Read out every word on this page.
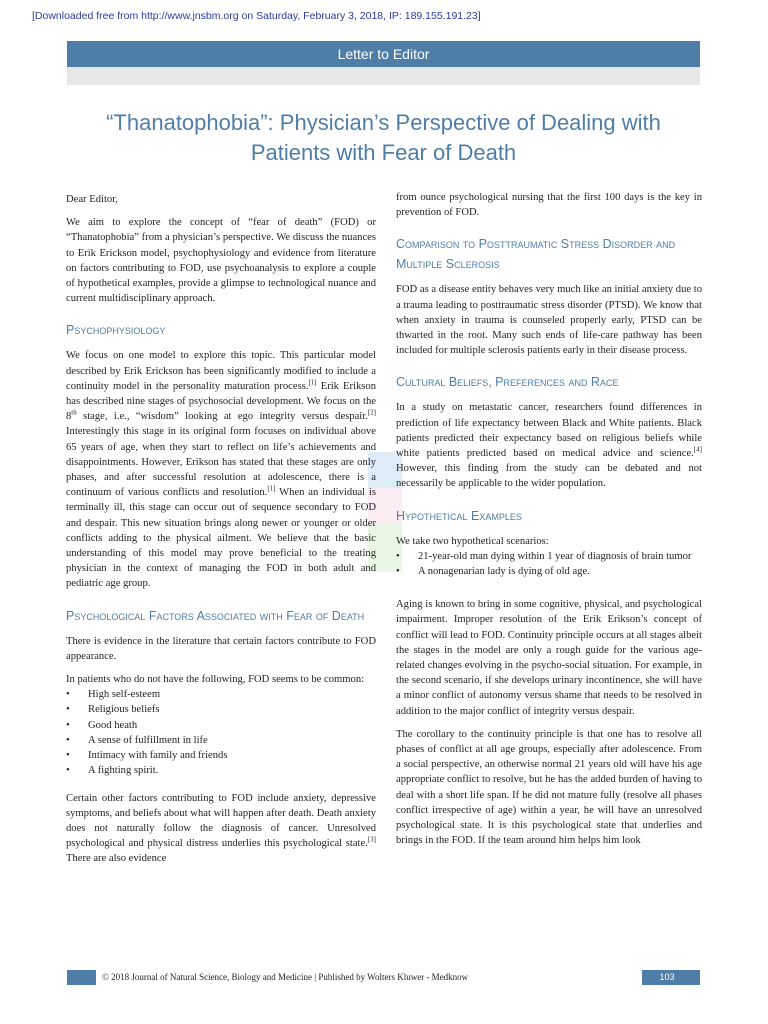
[Downloaded free from http://www.jnsbm.org on Saturday, February 3, 2018, IP: 189.155.191.23]
Letter to Editor
“Thanatophobia”: Physician’s Perspective of Dealing with Patients with Fear of Death

Dear Editor,

We aim to explore the concept of “fear of death” (FOD) or “Thanatophobia” from a physician’s perspective. We discuss the nuances to Erik Erickson model, psychophysiology and evidence from literature on factors contributing to FOD, use psychoanalysis to explore a couple of hypothetical examples, provide a glimpse to technological nuance and current multidisciplinary approach.

Psychophysiology

We focus on one model to explore this topic. This particular model described by Erik Erickson has been significantly modified to include a continuity model in the personality maturation process.[1] Erik Erikson has described nine stages of psychosocial development. We focus on the 8th stage, i.e., “wisdom” looking at ego integrity versus despair.[2] Interestingly this stage in its original form focuses on individual above 65 years of age, when they start to reflect on life’s achievements and disappointments. However, Erikson has stated that these stages are only phases, and after successful resolution at adolescence, there is a continuum of various conflicts and resolution.[1] When an individual is terminally ill, this stage can occur out of sequence secondary to FOD and despair. This new situation brings along newer or younger or older conflicts adding to the physical ailment. We believe that the basic understanding of this model may prove beneficial to the treating physician in the context of managing the FOD in both adult and pediatric age group.

Psychological Factors Associated with Fear of Death

There is evidence in the literature that certain factors contribute to FOD appearance.

In patients who do not have the following, FOD seems to be common:

• High self-esteem
• Religious beliefs
• Good heath
• A sense of fulfillment in life
• Intimacy with family and friends
• A fighting spirit.

Certain other factors contributing to FOD include anxiety, depressive symptoms, and beliefs about what will happen after death. Death anxiety does not naturally follow the diagnosis of cancer. Unresolved psychological and physical distress underlies this psychological state.[3] There are also evidence

from ounce psychological nursing that the first 100 days is the key in prevention of FOD.

Comparison to Posttraumatic Stress Disorder and Multiple Sclerosis

FOD as a disease entity behaves very much like an initial anxiety due to a trauma leading to posttraumatic stress disorder (PTSD). We know that when anxiety in trauma is counseled properly early, PTSD can be thwarted in the root. Many such ends of life-care pathway has been included for multiple sclerosis patients early in their disease process.

Cultural Beliefs, Preferences and Race

In a study on metastatic cancer, researchers found differences in prediction of life expectancy between Black and White patients. Black patients predicted their expectancy based on religious beliefs while white patients predicted based on medical advice and science.[4] However, this finding from the study can be debated and not necessarily be applicable to the wider population.

Hypothetical Examples

We take two hypothetical scenarios:

• 21-year-old man dying within 1 year of diagnosis of brain tumor
• A nonagenarian lady is dying of old age.

Aging is known to bring in some cognitive, physical, and psychological impairment. Improper resolution of the Erik Erikson’s concept of conflict will lead to FOD. Continuity principle occurs at all stages albeit the stages in the model are only a rough guide for the various age-related changes evolving in the psycho-social situation. For example, in the second scenario, if she develops urinary incontinence, she will have a minor conflict of autonomy versus shame that needs to be resolved in addition to the major conflict of integrity versus despair.

The corollary to the continuity principle is that one has to resolve all phases of conflict at all age groups, especially after adolescence. From a social perspective, an otherwise normal 21 years old will have his age appropriate conflict to resolve, but he has the added burden of having to deal with a short life span. If he did not mature fully (resolve all phases conflict irrespective of age) within a year, he will have an unresolved psychological state. It is this psychological state that underlies and brings in the FOD. If the team around him helps him look

© 2018 Journal of Natural Science, Biology and Medicine | Published by Wolters Kluwer - Medknow	103
